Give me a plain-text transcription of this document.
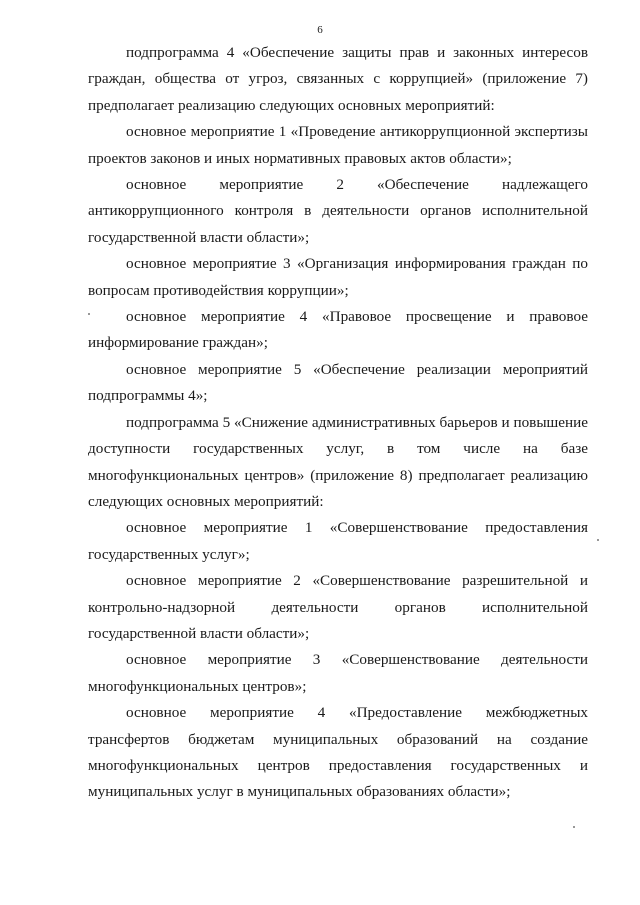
6

подпрограмма 4 «Обеспечение защиты прав и законных интересов граждан, общества от угроз, связанных с коррупцией» (приложение 7) предполагает реализацию следующих основных мероприятий:

основное мероприятие 1 «Проведение антикоррупционной экспертизы проектов законов и иных нормативных правовых актов области»;

основное мероприятие 2 «Обеспечение надлежащего антикоррупционного контроля в деятельности органов исполнительной государственной власти области»;

основное мероприятие 3 «Организация информирования граждан по вопросам противодействия коррупции»;

основное мероприятие 4 «Правовое просвещение и правовое информирование граждан»;

основное мероприятие 5 «Обеспечение реализации мероприятий подпрограммы 4»;

подпрограмма 5 «Снижение административных барьеров и повышение доступности государственных услуг, в том числе на базе многофункциональных центров» (приложение 8) предполагает реализацию следующих основных мероприятий:

основное мероприятие 1 «Совершенствование предоставления государственных услуг»;

основное мероприятие 2 «Совершенствование разрешительной и контрольно-надзорной деятельности органов исполнительной государственной власти области»;

основное мероприятие 3 «Совершенствование деятельности многофункциональных центров»;

основное мероприятие 4 «Предоставление межбюджетных трансфертов бюджетам муниципальных образований на создание многофункциональных центров предоставления государственных и муниципальных услуг в муниципальных образованиях области»;
